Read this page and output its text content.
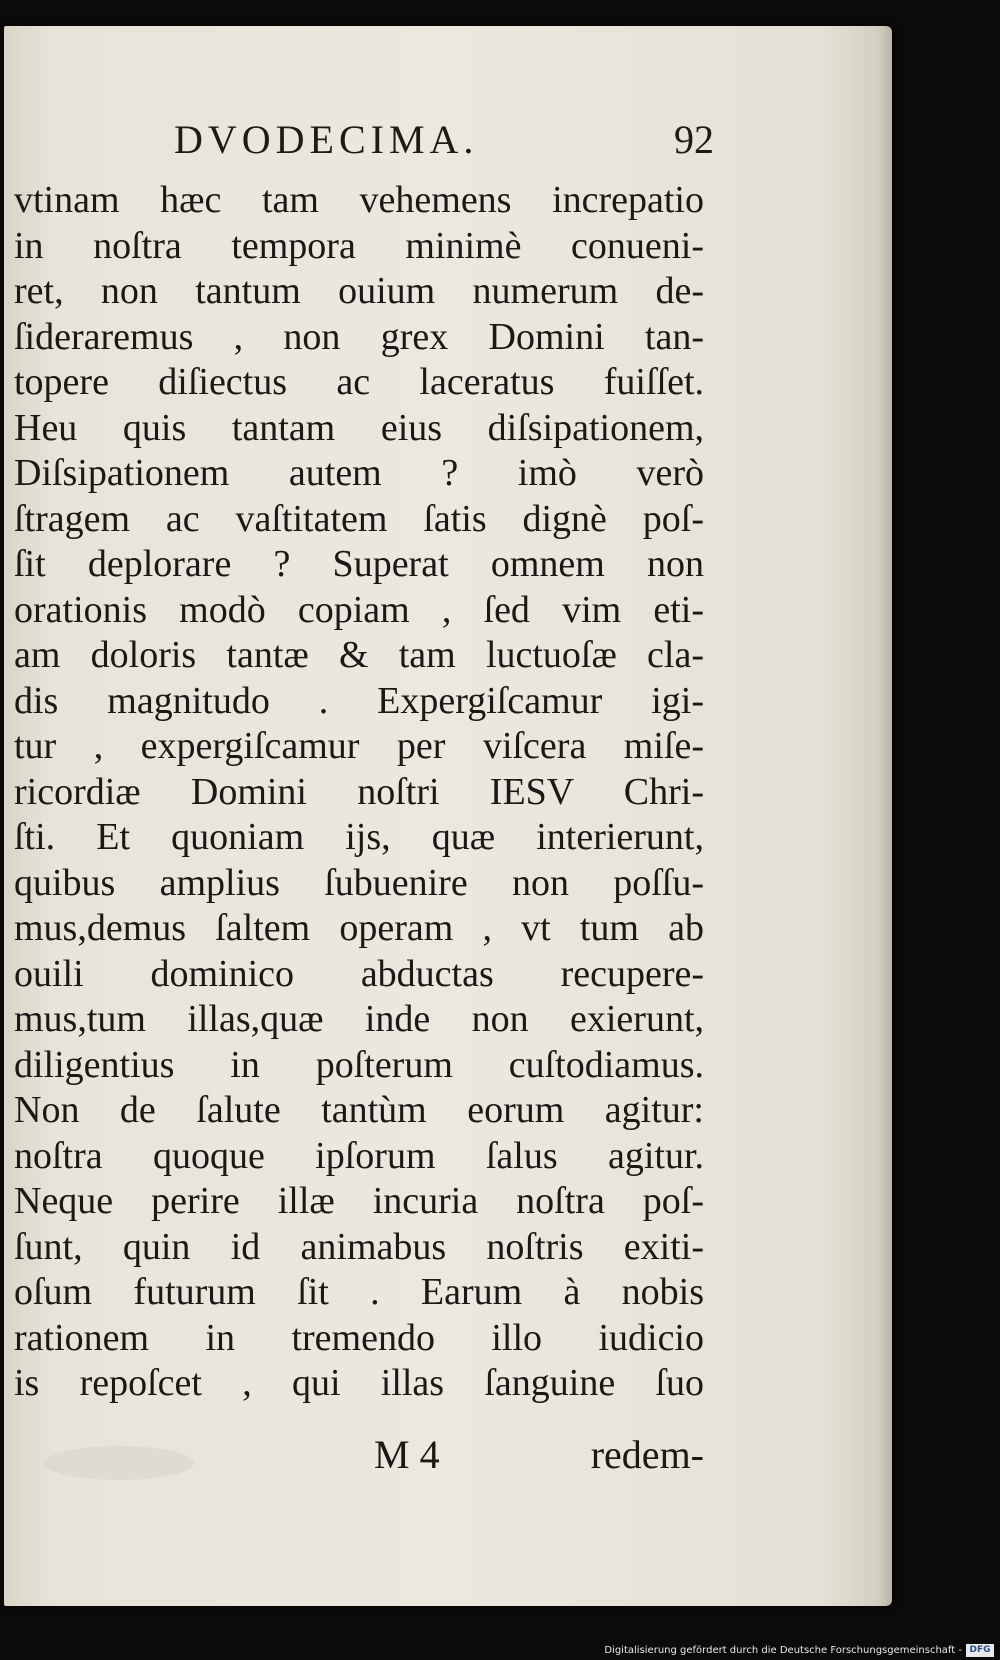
DVODECIMA.	92
vtinam hæc tam vehemens increpatio
in noſtra tempora minimè conueni-
ret, non tantum ouium numerum de-
ſideraremus , non grex Domini tan-
topere diſiectus ac laceratus fuiſſet.
Heu quis tantam eius diſsipationem,
Diſsipationem autem ? imò verò
ſtragem ac vaſtitatem ſatis dignè poſ-
ſit deplorare ? Superat omnem non
orationis modò copiam , ſed vim eti-
am doloris tantæ & tam luctuoſæ cla-
dis magnitudo . Expergiſcamur igi-
tur , expergiſcamur per viſcera miſe-
ricordiæ Domini noſtri IESV Chri-
ſti. Et quoniam ijs, quæ interierunt,
quibus amplius ſubuenire non poſſu-
mus,demus ſaltem operam , vt tum ab
ouili dominico abductas recupere-
mus,tum illas,quæ inde non exierunt,
diligentius in poſterum cuſtodiamus.
Non de ſalute tantùm eorum agitur:
noſtra quoque ipſorum ſalus agitur.
Neque perire illæ incuria noſtra poſ-
ſunt, quin id animabus noſtris exiti-
oſum futurum ſit . Earum à nobis
rationem in tremendo illo iudicio
is repoſcet , qui illas ſanguine ſuo
M 4	redem-
Digitalisierung gefördert durch die Deutsche Forschungsgemeinschaft - DFG
